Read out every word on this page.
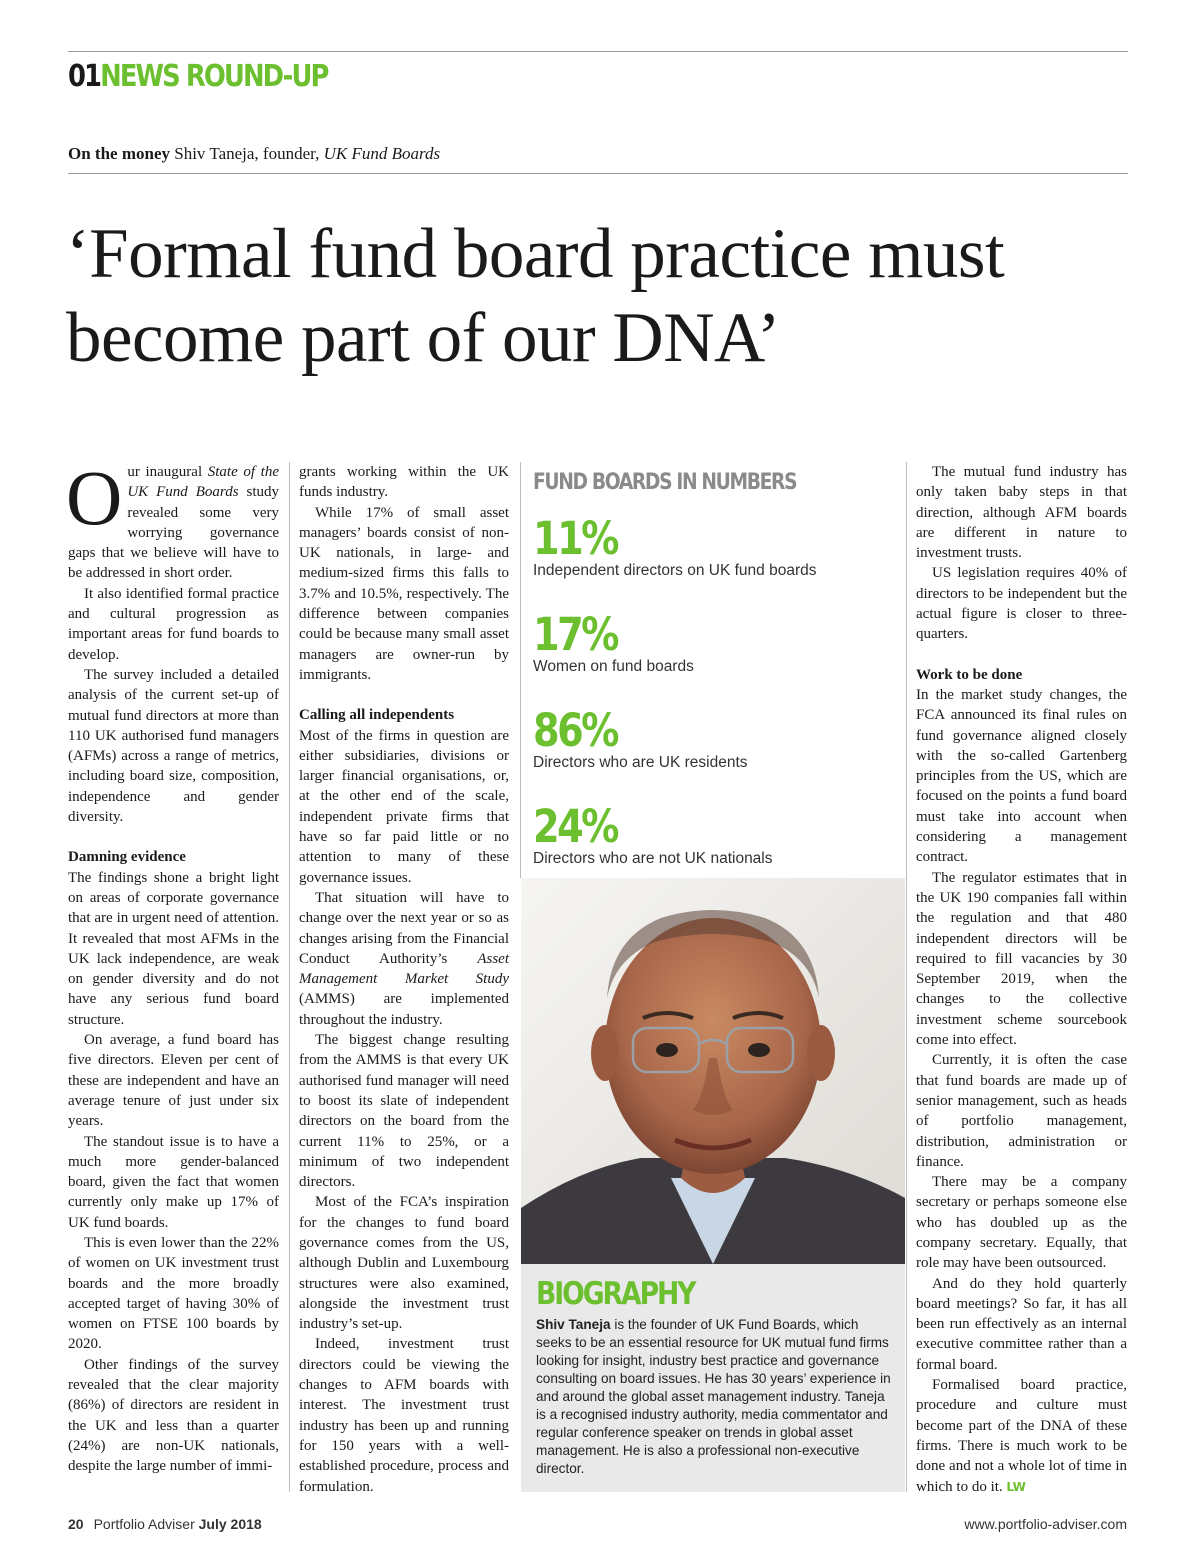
01NEWS ROUND-UP
On the money Shiv Taneja, founder, UK Fund Boards
‘Formal fund board practice must become part of our DNA’

Our inaugural State of the UK Fund Boards study revealed some very worrying governance gaps that we believe will have to be addressed in short order.

It also identified formal practice and cultural progression as important areas for fund boards to develop.

The survey included a detailed analysis of the current set-up of mutual fund directors at more than 110 UK authorised fund managers (AFMs) across a range of metrics, including board size, composition, independence and gender diversity.

Damning evidence

The findings shone a bright light on areas of corporate governance that are in urgent need of attention. It revealed that most AFMs in the UK lack independence, are weak on gender diversity and do not have any serious fund board structure.

On average, a fund board has five directors. Eleven per cent of these are independent and have an average tenure of just under six years.

The standout issue is to have a much more gender-balanced board, given the fact that women currently only make up 17% of UK fund boards.

This is even lower than the 22% of women on UK investment trust boards and the more broadly accepted target of having 30% of women on FTSE 100 boards by 2020.

Other findings of the survey revealed that the clear majority (86%) of directors are resident in the UK and less than a quarter (24%) are non-UK nationals, despite the large number of immi-

grants working within the UK funds industry.

While 17% of small asset managers’ boards consist of non-UK nationals, in large- and medium-sized firms this falls to 3.7% and 10.5%, respectively. The difference between companies could be because many small asset managers are owner-run by immigrants.

Calling all independents

Most of the firms in question are either subsidiaries, divisions or larger financial organisations, or, at the other end of the scale, independent private firms that have so far paid little or no attention to many of these governance issues.

That situation will have to change over the next year or so as changes arising from the Financial Conduct Authority’s Asset Management Market Study (AMMS) are implemented throughout the industry.

The biggest change resulting from the AMMS is that every UK authorised fund manager will need to boost its slate of independent directors on the board from the current 11% to 25%, or a minimum of two independent directors.

Most of the FCA’s inspiration for the changes to fund board governance comes from the US, although Dublin and Luxembourg structures were also examined, alongside the investment trust industry’s set-up.

Indeed, investment trust directors could be viewing the changes to AFM boards with interest. The investment trust industry has been up and running for 150 years with a well-established procedure, process and formulation.

FUND BOARDS IN NUMBERS
11%
Independent directors on UK fund boards
17%
Women on fund boards
86%
Directors who are UK residents
24%
Directors who are not UK nationals
BIOGRAPHY
Shiv Taneja is the founder of UK Fund Boards, which seeks to be an essential resource for UK mutual fund firms looking for insight, industry best practice and governance consulting on board issues. He has 30 years’ experience in and around the global asset management industry. Taneja is a recognised industry authority, media commentator and regular conference speaker on trends in global asset management. He is also a professional non-executive director.

The mutual fund industry has only taken baby steps in that direction, although AFM boards are different in nature to investment trusts.

US legislation requires 40% of directors to be independent but the actual figure is closer to three-quarters.

Work to be done

In the market study changes, the FCA announced its final rules on fund governance aligned closely with the so-called Gartenberg principles from the US, which are focused on the points a fund board must take into account when considering a management contract.

The regulator estimates that in the UK 190 companies fall within the regulation and that 480 independent directors will be required to fill vacancies by 30 September 2019, when the changes to the collective investment scheme sourcebook come into effect.

Currently, it is often the case that fund boards are made up of senior management, such as heads of portfolio management, distribution, administration or finance.

There may be a company secretary or perhaps someone else who has doubled up as the company secretary. Equally, that role may have been outsourced.

And do they hold quarterly board meetings? So far, it has all been run effectively as an internal executive committee rather than a formal board.

Formalised board practice, procedure and culture must become part of the DNA of these firms. There is much work to be done and not a whole lot of time in which to do it. LW

20 Portfolio Adviser July 2018	www.portfolio-adviser.com
